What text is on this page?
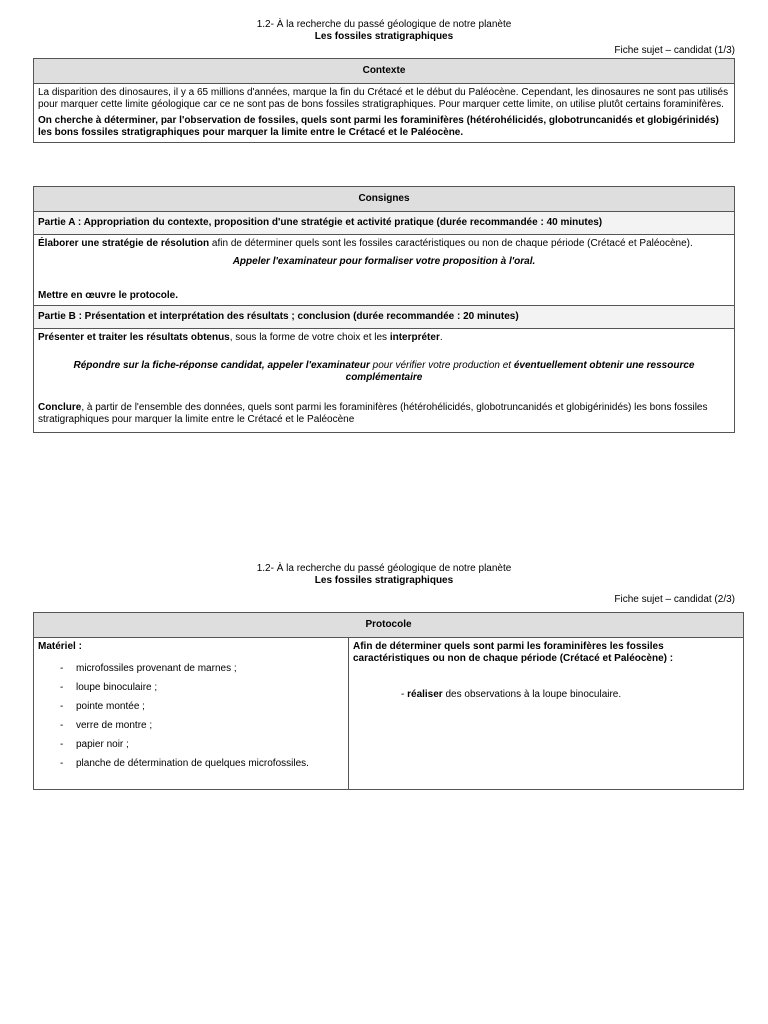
1.2- À la recherche du passé géologique de notre planète
Les fossiles stratigraphiques
Fiche sujet – candidat (1/3)
Contexte

La disparition des dinosaures, il y a 65 millions d'années, marque la fin du Crétacé et le début du Paléocène. Cependant, les dinosaures ne sont pas utilisés pour marquer cette limite géologique car ce ne sont pas de bons fossiles stratigraphiques. Pour marquer cette limite, on utilise plutôt certains foraminifères.
On cherche à déterminer, par l'observation de fossiles, quels sont parmi les foraminifères (hétérohélicidés, globotruncanidés et globigérinidés) les bons fossiles stratigraphiques pour marquer la limite entre le Crétacé et le Paléocène.
Consignes
Partie A : Appropriation du contexte, proposition d'une stratégie et activité pratique (durée recommandée : 40 minutes)

Élaborer une stratégie de résolution afin de déterminer quels sont les fossiles caractéristiques ou non de chaque période (Crétacé et Paléocène).
Appeler l'examinateur pour formaliser votre proposition à l'oral.
Mettre en œuvre le protocole.

Partie B : Présentation et interprétation des résultats ; conclusion (durée recommandée : 20 minutes)

Présenter et traiter les résultats obtenus, sous la forme de votre choix et les interpréter.
Répondre sur la fiche-réponse candidat, appeler l'examinateur pour vérifier votre production et éventuellement obtenir une ressource complémentaire
Conclure, à partir de l'ensemble des données, quels sont parmi les foraminifères (hétérohélicidés, globotruncanidés et globigérinidés) les bons fossiles stratigraphiques pour marquer la limite entre le Crétacé et le Paléocène
1.2- À la recherche du passé géologique de notre planète
Les fossiles stratigraphiques
Fiche sujet – candidat (2/3)
Protocole

Matériel :
- microfossiles provenant de marnes ;
- loupe binoculaire ;
- pointe montée ;
- verre de montre ;
- papier noir ;
- planche de détermination de quelques microfossiles.

Afin de déterminer quels sont parmi les foraminifères les fossiles caractéristiques ou non de chaque période (Crétacé et Paléocène) :
- réaliser des observations à la loupe binoculaire.
